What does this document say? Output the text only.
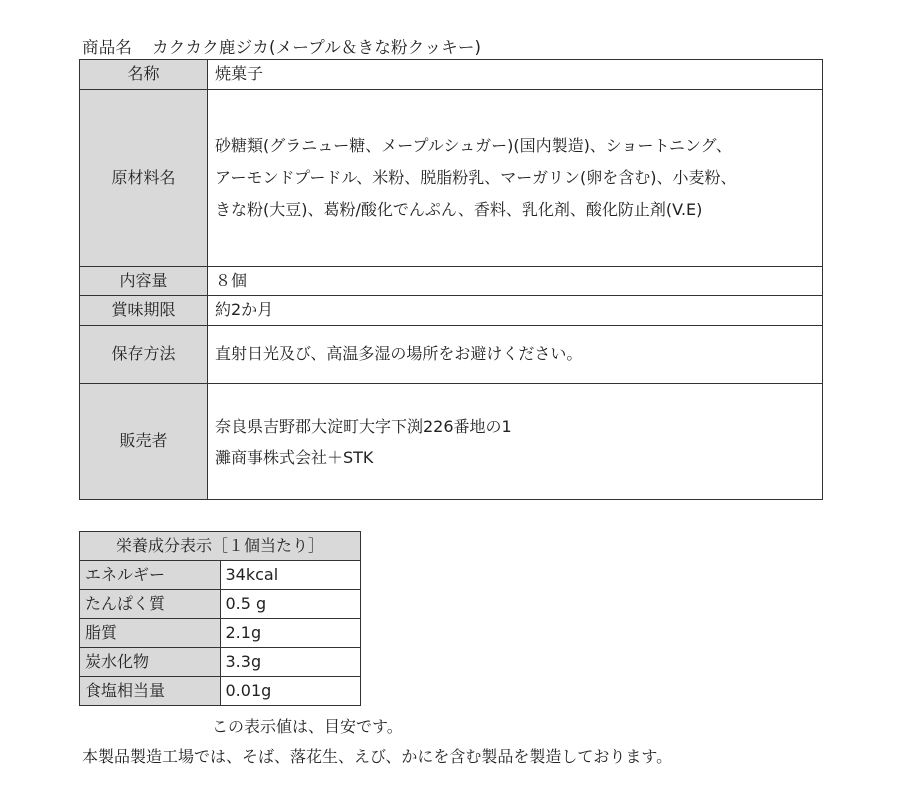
商品名 カクカク鹿ジカ(メープル＆きな粉クッキー)
名称	焼菓子

原材料名	砂糖類(グラニュー糖、メープルシュガー)(国内製造)、ショートニング、
アーモンドプードル、米粉、脱脂粉乳、マーガリン(卵を含む)、小麦粉、
きな粉(大豆)、葛粉/酸化でんぷん、香料、乳化剤、酸化防止剤(V.E)

内容量	８個

賞味期限	約2か月

保存方法	直射日光及び、高温多湿の場所をお避けください。

販売者	奈良県吉野郡大淀町大字下渕226番地の1
灘商事株式会社＋STK
栄養成分表示［１個当たり］	
エネルギー	34kcal
たんぱく質	0.5 g
脂質	2.1g
炭水化物	3.3g
食塩相当量	0.01g
この表示値は、目安です。
本製品製造工場では、そば、落花生、えび、かにを含む製品を製造しております。
